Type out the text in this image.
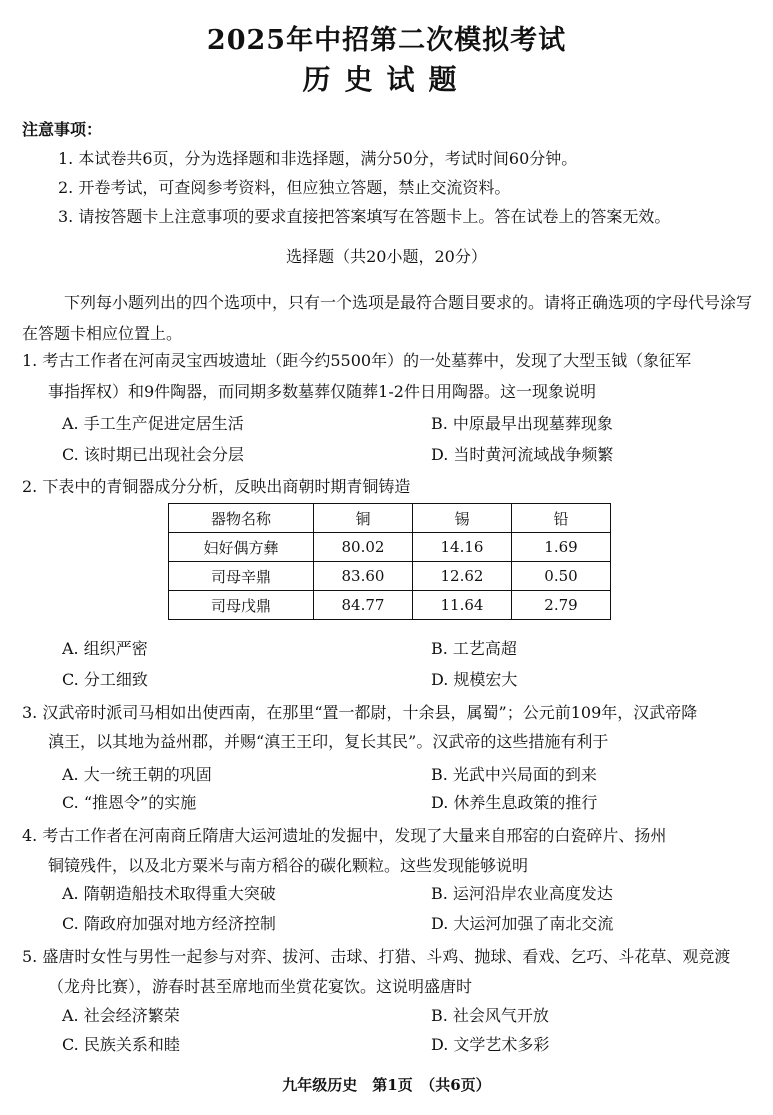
2025年中招第二次模拟考试
历史试题
注意事项：
1. 本试卷共6页，分为选择题和非选择题，满分50分，考试时间60分钟。
2. 开卷考试，可查阅参考资料，但应独立答题，禁止交流资料。
3. 请按答题卡上注意事项的要求直接把答案填写在答题卡上。答在试卷上的答案无效。
选择题（共20小题，20分）
下列每小题列出的四个选项中，只有一个选项是最符合题目要求的。请将正确选项的字母代号涂写在答题卡相应位置上。
1. 考古工作者在河南灵宝西坡遗址（距今约5500年）的一处墓葬中，发现了大型玉钺（象征军
事指挥权）和9件陶器，而同期多数墓葬仅随葬1-2件日用陶器。这一现象说明
A. 手工生产促进定居生活	B. 中原最早出现墓葬现象
C. 该时期已出现社会分层	D. 当时黄河流域战争频繁
2. 下表中的青铜器成分分析，反映出商朝时期青铜铸造
器物名称	铜	锡	铅
妇好偶方彝	80.02	14.16	1.69
司母辛鼎	83.60	12.62	0.50
司母戊鼎	84.77	11.64	2.79
A. 组织严密	B. 工艺高超
C. 分工细致	D. 规模宏大
3. 汉武帝时派司马相如出使西南，在那里“置一都尉，十余县，属蜀”；公元前109年，汉武帝降
滇王，以其地为益州郡，并赐“滇王王印，复长其民”。汉武帝的这些措施有利于
A. 大一统王朝的巩固	B. 光武中兴局面的到来
C. “推恩令”的实施	D. 休养生息政策的推行
4. 考古工作者在河南商丘隋唐大运河遗址的发掘中，发现了大量来自邢窑的白瓷碎片、扬州
铜镜残件，以及北方粟米与南方稻谷的碳化颗粒。这些发现能够说明
A. 隋朝造船技术取得重大突破	B. 运河沿岸农业高度发达
C. 隋政府加强对地方经济控制	D. 大运河加强了南北交流
5. 盛唐时女性与男性一起参与对弈、拔河、击球、打猎、斗鸡、抛球、看戏、乞巧、斗花草、观竞渡
（龙舟比赛），游春时甚至席地而坐赏花宴饮。这说明盛唐时
A. 社会经济繁荣	B. 社会风气开放
C. 民族关系和睦	D. 文学艺术多彩
九年级历史　第1页　（共6页）
